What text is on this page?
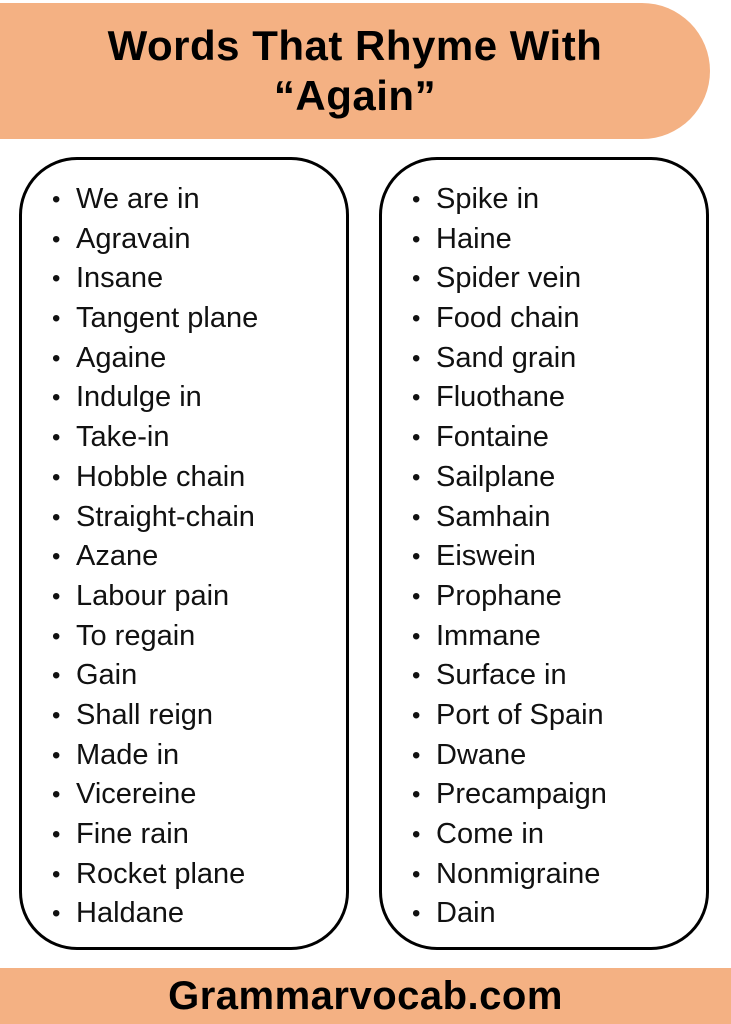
Words That Rhyme With
“Again”
• We are in
• Agravain
• Insane
• Tangent plane
• Againe
• Indulge in
• Take-in
• Hobble chain
• Straight-chain
• Azane
• Labour pain
• To regain
• Gain
• Shall reign
• Made in
• Vicereine
• Fine rain
• Rocket plane
• Haldane
• Spike in
• Haine
• Spider vein
• Food chain
• Sand grain
• Fluothane
• Fontaine
• Sailplane
• Samhain
• Eiswein
• Prophane
• Immane
• Surface in
• Port of Spain
• Dwane
• Precampaign
• Come in
• Nonmigraine
• Dain
Grammarvocab.com
